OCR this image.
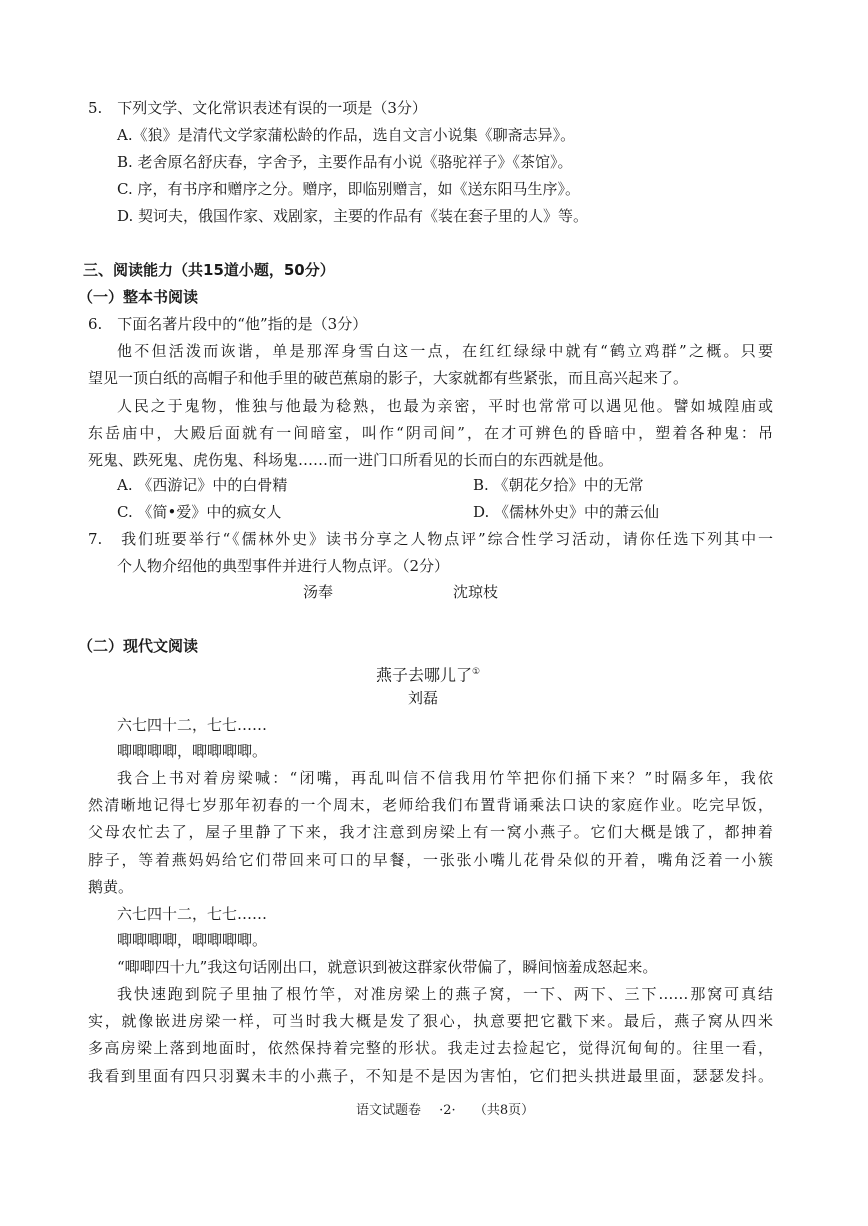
5.　下列文学、文化常识表述有误的一项是（3分）
A.《狼》是清代文学家蒲松龄的作品，选自文言小说集《聊斋志异》。
B. 老舍原名舒庆春，字舍予，主要作品有小说《骆驼祥子》《茶馆》。
C. 序，有书序和赠序之分。赠序，即临别赠言，如《送东阳马生序》。
D. 契诃夫，俄国作家、戏剧家，主要的作品有《装在套子里的人》等。
三、阅读能力（共15道小题，50分）
（一）整本书阅读
6.　下面名著片段中的“他”指的是（3分）
他不但活泼而诙谐，单是那浑身雪白这一点，在红红绿绿中就有“鹤立鸡群”之概。只要
望见一顶白纸的高帽子和他手里的破芭蕉扇的影子，大家就都有些紧张，而且高兴起来了。
人民之于鬼物，惟独与他最为稔熟，也最为亲密，平时也常常可以遇见他。譬如城隍庙或
东岳庙中，大殿后面就有一间暗室，叫作“阴司间”，在才可辨色的昏暗中，塑着各种鬼：吊
死鬼、跌死鬼、虎伤鬼、科场鬼……而一进门口所看见的长而白的东西就是他。
A. 《西游记》中的白骨精	B. 《朝花夕拾》中的无常
C. 《简•爱》中的疯女人	D. 《儒林外史》中的萧云仙
7.　我们班要举行“《儒林外史》读书分享之人物点评”综合性学习活动，请你任选下列其中一
个人物介绍他的典型事件并进行人物点评。（2分）
汤奉	沈琼枝
（二）现代文阅读
燕子去哪儿了①
刘磊
六七四十二，七七……
唧唧唧唧，唧唧唧唧。
我合上书对着房梁喊：“闭嘴，再乱叫信不信我用竹竿把你们捅下来？”时隔多年，我依
然清晰地记得七岁那年初春的一个周末，老师给我们布置背诵乘法口诀的家庭作业。吃完早饭，
父母农忙去了，屋子里静了下来，我才注意到房梁上有一窝小燕子。它们大概是饿了，都抻着
脖子，等着燕妈妈给它们带回来可口的早餐，一张张小嘴儿花骨朵似的开着，嘴角泛着一小簇
鹅黄。
六七四十二，七七……
唧唧唧唧，唧唧唧唧。
“唧唧四十九”我这句话刚出口，就意识到被这群家伙带偏了，瞬间恼羞成怒起来。
我快速跑到院子里抽了根竹竿，对准房梁上的燕子窝，一下、两下、三下……那窝可真结
实，就像嵌进房梁一样，可当时我大概是发了狠心，执意要把它戳下来。最后，燕子窝从四米
多高房梁上落到地面时，依然保持着完整的形状。我走过去捡起它，觉得沉甸甸的。往里一看，
我看到里面有四只羽翼未丰的小燕子，不知是不是因为害怕，它们把头拱进最里面，瑟瑟发抖。
语文试题卷 ·2· （共8页）
